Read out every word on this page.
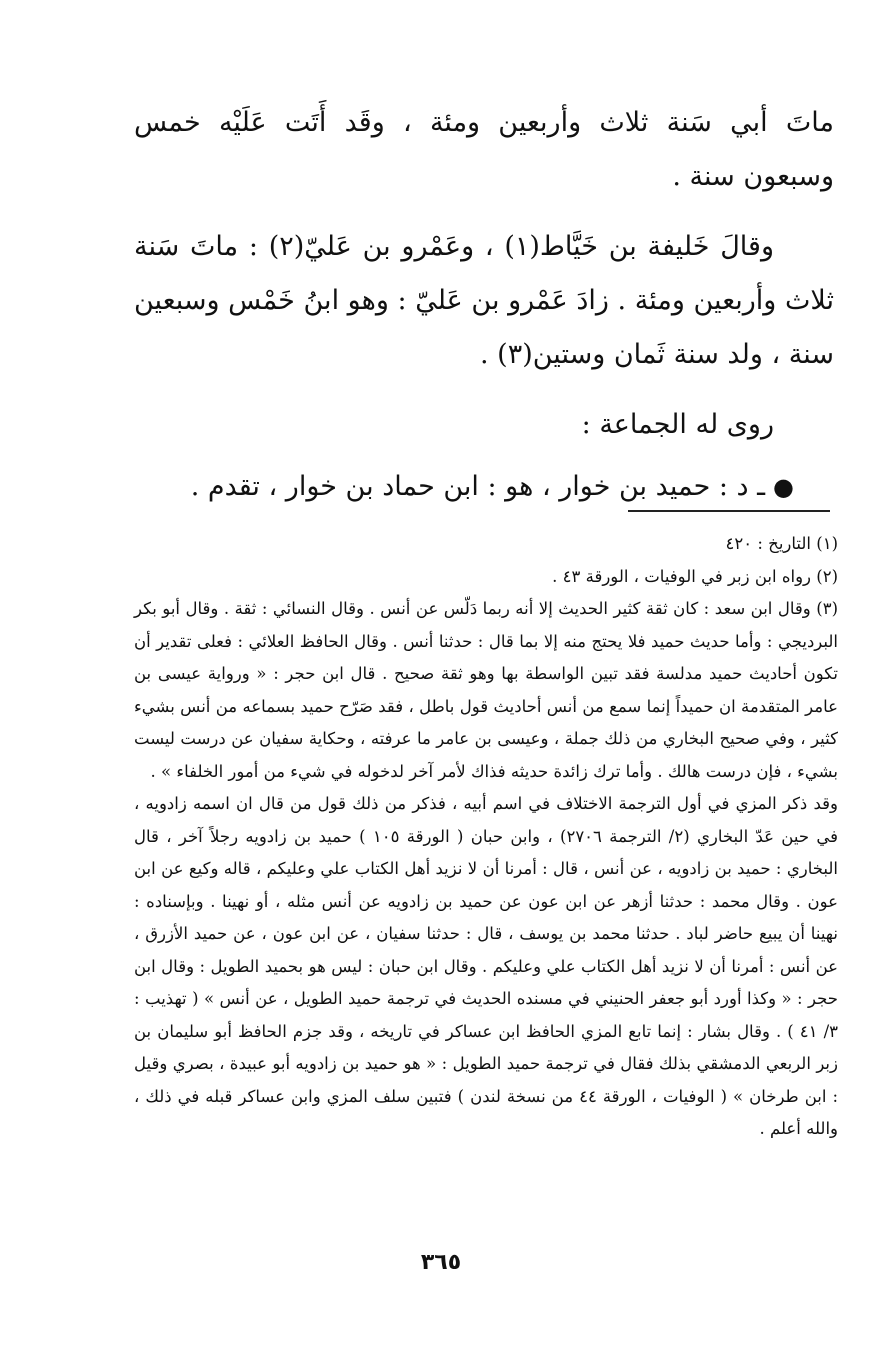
ماتَ أبي سَنة ثلاث وأربعين ومئة ، وقَد أَتَت عَلَيْه خمس وسبعون سنة .

وقالَ خَليفة بن خَيَّاط(١) ، وعَمْرو بن عَليّ(٢) : ماتَ سَنة ثلاث وأربعين ومئة . زادَ عَمْرو بن عَليّ : وهو ابنُ خَمْس وسبعين سنة ، ولد سنة ثَمان وستين(٣) .

روى له الجماعة :

●ـ د : حميد بن خوار ، هو : ابن حماد بن خوار ، تقدم .

(١) التاريخ : ٤٢٠

(٢) رواه ابن زبر في الوفيات ، الورقة ٤٣ .

(٣) وقال ابن سعد : كان ثقة كثير الحديث إلا أنه ربما دَلّس عن أنس . وقال النسائي : ثقة . وقال أبو بكر البرديجي : وأما حديث حميد فلا يحتج منه إلا بما قال : حدثنا أنس . وقال الحافظ العلائي : فعلى تقدير أن تكون أحاديث حميد مدلسة فقد تبين الواسطة بها وهو ثقة صحيح . قال ابن حجر : « ورواية عيسى بن عامر المتقدمة ان حميداً إنما سمع من أنس أحاديث قول باطل ، فقد صَرّح حميد بسماعه من أنس بشيء كثير ، وفي صحيح البخاري من ذلك جملة ، وعيسى بن عامر ما عرفته ، وحكاية سفيان عن درست ليست بشيء ، فإن درست هالك . وأما ترك زائدة حديثه فذاك لأمر آخر لدخوله في شيء من أمور الخلفاء » .

وقد ذكر المزي في أول الترجمة الاختلاف في اسم أبيه ، فذكر من ذلك قول من قال ان اسمه زادويه ، في حين عَدّ البخاري (٢/ الترجمة ٢٧٠٦) ، وابن حبان ( الورقة ١٠٥ ) حميد بن زادويه رجلاً آخر ، قال البخاري : حميد بن زادويه ، عن أنس ، قال : أمرنا أن لا نزيد أهل الكتاب علي وعليكم ، قاله وكيع عن ابن عون . وقال محمد : حدثنا أزهر عن ابن عون عن حميد بن زادويه عن أنس مثله ، أو نهينا . وبإسناده : نهينا أن يبيع حاضر لباد . حدثنا محمد بن يوسف ، قال : حدثنا سفيان ، عن ابن عون ، عن حميد الأزرق ، عن أنس : أمرنا أن لا نزيد أهل الكتاب علي وعليكم . وقال ابن حبان : ليس هو بحميد الطويل : وقال ابن حجر : « وكذا أورد أبو جعفر الحنيني في مسنده الحديث في ترجمة حميد الطويل ، عن أنس » ( تهذيب : ٣/ ٤١ ) . وقال بشار : إنما تابع المزي الحافظ ابن عساكر في تاريخه ، وقد جزم الحافظ أبو سليمان بن زبر الربعي الدمشقي بذلك فقال في ترجمة حميد الطويل : « هو حميد بن زادويه أبو عبيدة ، بصري وقيل : ابن طرخان » ( الوفيات ، الورقة ٤٤ من نسخة لندن ) فتبين سلف المزي وابن عساكر قبله في ذلك ، والله أعلم .

٣٦٥
